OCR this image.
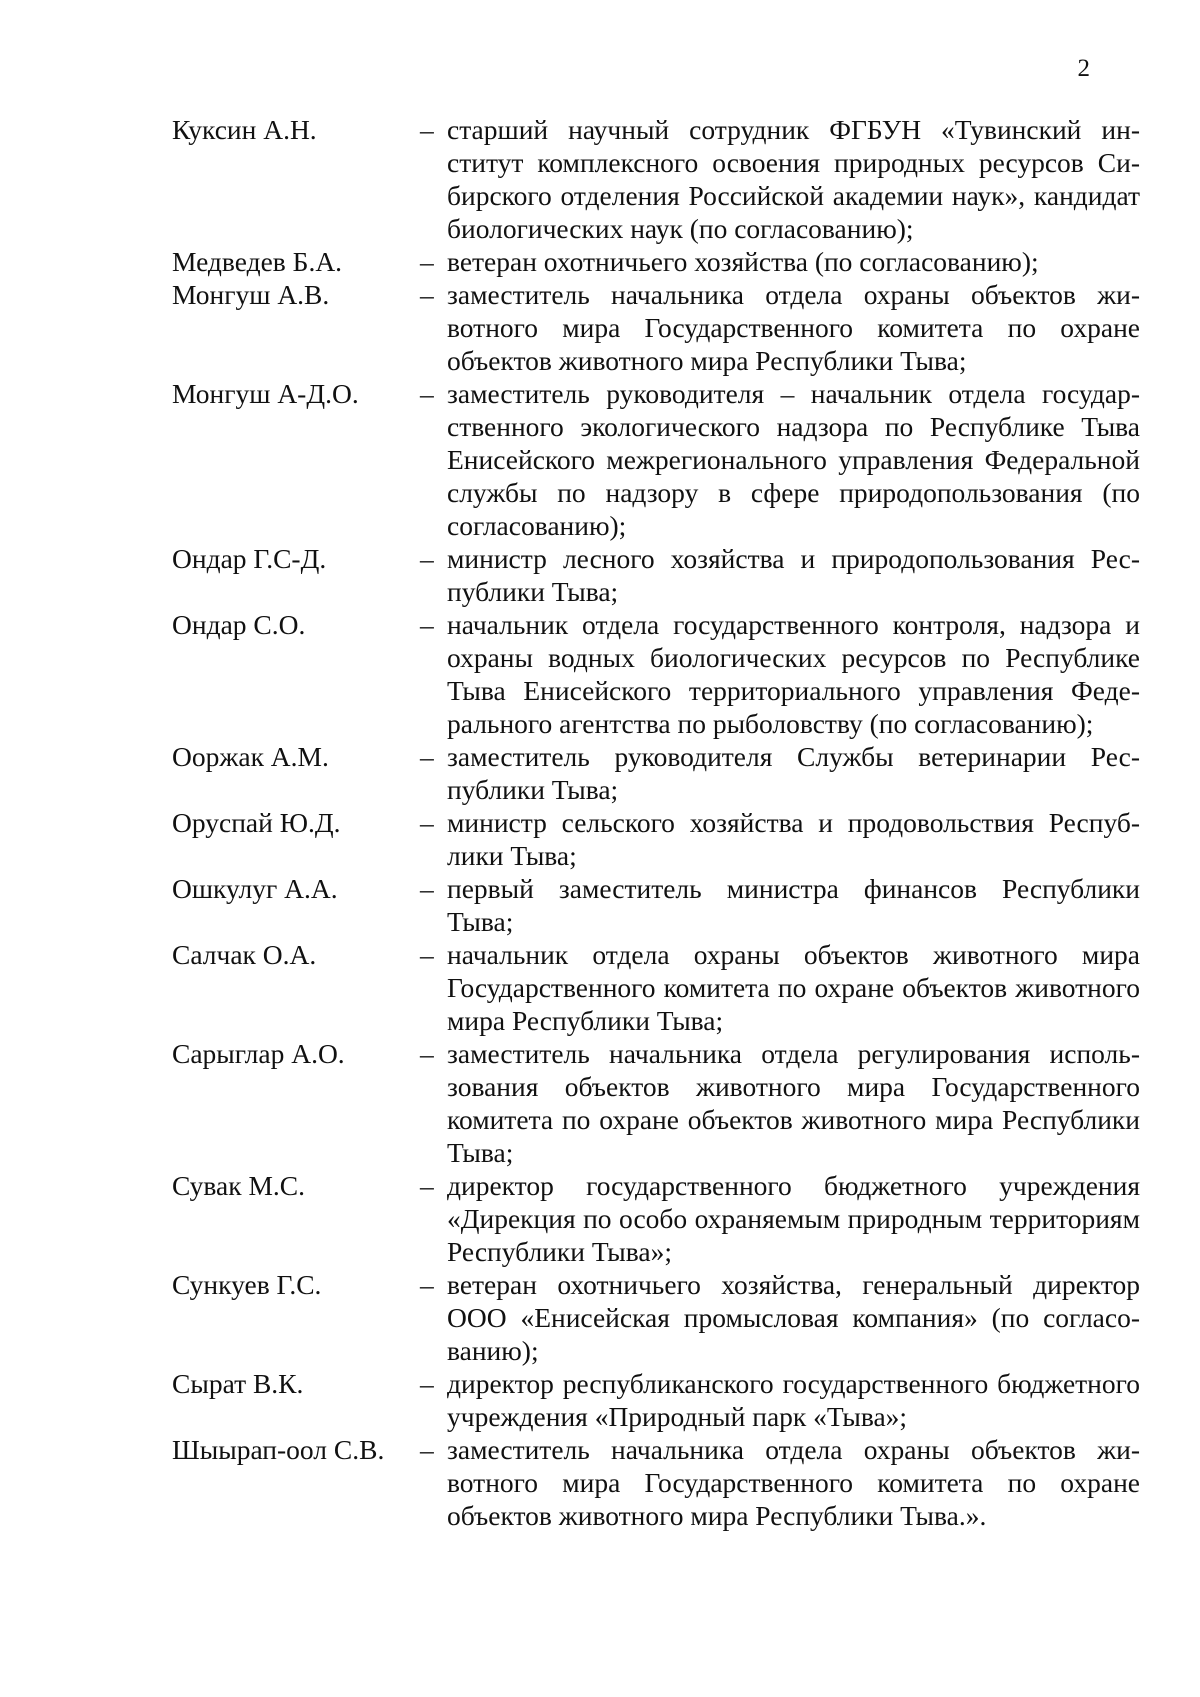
2
Куксин А.Н.	– старший научный сотрудник ФГБУН «Тувинский институт комплексного освоения природных ресурсов Сибирского отделения Российской академии наук», кандидат биологических наук (по согласованию);
Медведев Б.А.	– ветеран охотничьего хозяйства (по согласованию);
Монгуш А.В.	– заместитель начальника отдела охраны объектов животного мира Государственного комитета по охране объектов животного мира Республики Тыва;
Монгуш А-Д.О.	– заместитель руководителя – начальник отдела государственного экологического надзора по Республике Тыва Енисейского межрегионального управления Федеральной службы по надзору в сфере природопользования (по согласованию);
Ондар Г.С-Д.	– министр лесного хозяйства и природопользования Республики Тыва;
Ондар С.О.	– начальник отдела государственного контроля, надзора и охраны водных биологических ресурсов по Республике Тыва Енисейского территориального управления Федерального агентства по рыболовству (по согласованию);
Ооржак А.М.	– заместитель руководителя Службы ветеринарии Республики Тыва;
Оруспай Ю.Д.	– министр сельского хозяйства и продовольствия Республики Тыва;
Ошкулуг А.А.	– первый заместитель министра финансов Республики Тыва;
Салчак О.А.	– начальник отдела охраны объектов животного мира Государственного комитета по охране объектов животного мира Республики Тыва;
Сарыглар А.О.	– заместитель начальника отдела регулирования использования объектов животного мира Государственного комитета по охране объектов животного мира Республики Тыва;
Сувак М.С.	– директор государственного бюджетного учреждения «Дирекция по особо охраняемым природным территориям Республики Тыва»;
Сункуев Г.С.	– ветеран охотничьего хозяйства, генеральный директор ООО «Енисейская промысловая компания» (по согласованию);
Сырат В.К.	– директор республиканского государственного бюджетного учреждения «Природный парк «Тыва»;
Шыырап-оол С.В.	– заместитель начальника отдела охраны объектов животного мира Государственного комитета по охране объектов животного мира Республики Тыва.».
